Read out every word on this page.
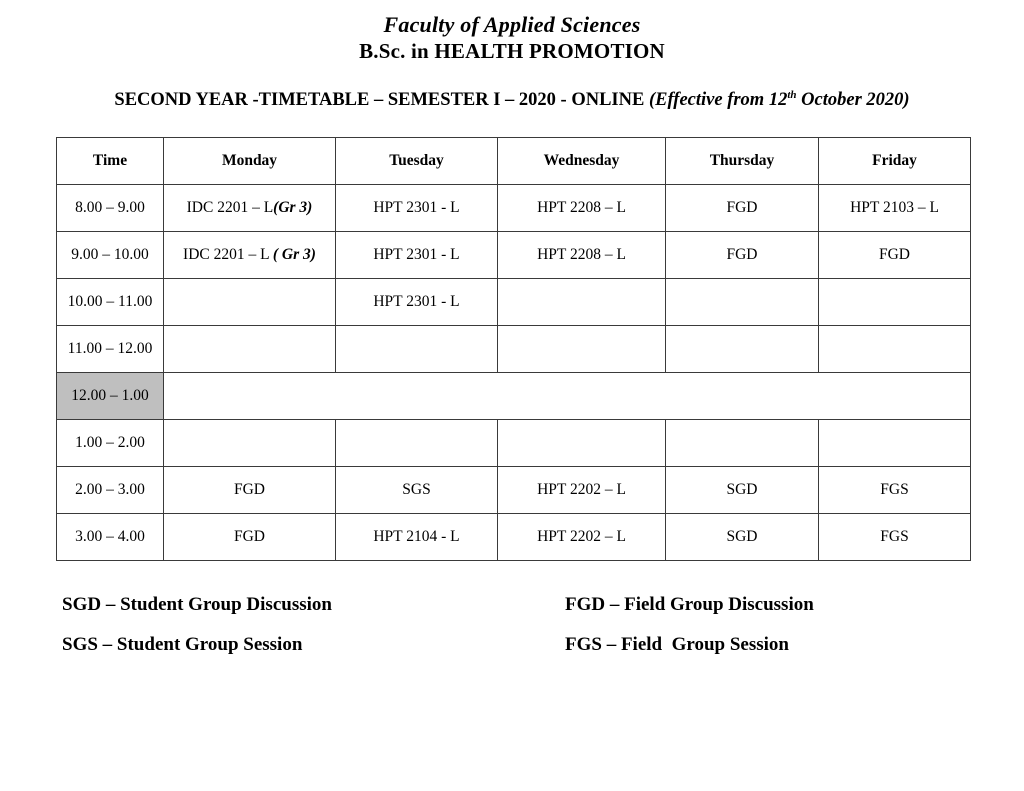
Faculty of Applied Sciences
B.Sc. in HEALTH PROMOTION
SECOND YEAR -TIMETABLE – SEMESTER I – 2020 - ONLINE (Effective from 12th October 2020)
Time	Monday	Tuesday	Wednesday	Thursday	Friday
8.00 – 9.00	IDC 2201 – L(Gr 3)	HPT 2301 - L	HPT 2208 – L	FGD	HPT 2103 – L
9.00 – 10.00	IDC 2201 – L ( Gr 3)	HPT 2301 - L	HPT 2208 – L	FGD	FGD
10.00 – 11.00		HPT 2301 - L			
11.00 – 12.00					
12.00 – 1.00					
1.00 – 2.00					
2.00 – 3.00	FGD	SGS	HPT 2202 – L	SGD	FGS
3.00 – 4.00	FGD	HPT 2104 - L	HPT 2202 – L	SGD	FGS
SGD – Student Group Discussion	FGD – Field Group Discussion
SGS – Student Group Session	FGS – Field  Group Session
